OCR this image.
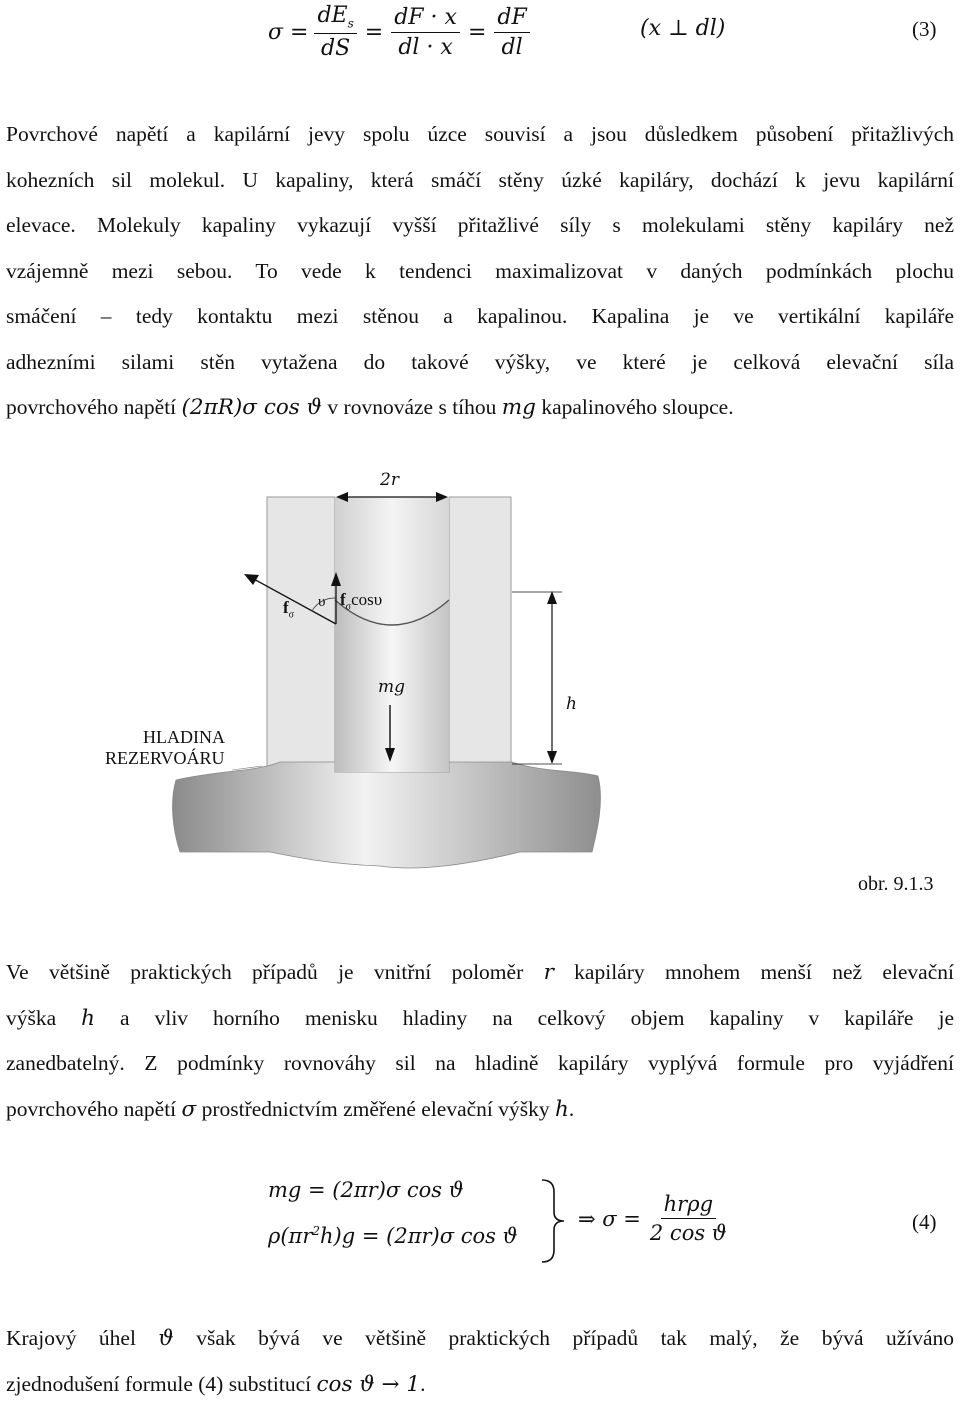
$\sigma = \frac{dE_s}{dS} = \frac{dF \cdot x}{dl \cdot x} = \frac{dF}{dl}$	(x ⊥ dl)	(3)
Povrchové napětí a kapilární jevy spolu úzce souvisí a jsou důsledkem působení přitažlivých
kohezních sil molekul. U kapaliny, která smáčí stěny úzké kapiláry, dochází k jevu kapilární
elevace. Molekuly kapaliny vykazují vyšší přitažlivé síly s molekulami stěny kapiláry než
vzájemně mezi sebou. To vede k tendenci maximalizovat v daných podmínkách plochu
smáčení – tedy kontaktu mezi stěnou a kapalinou. Kapalina je ve vertikální kapiláře
adhezními silami stěn vytažena do takové výšky, ve které je celková elevační síla
povrchového napětí (2πR)σ cos ϑ v rovnováze s tíhou mg kapalinového sloupce.
2r
$f_\sigma$
υ $f_\sigma\cos\upsilon$
mg
h
HLADINA
REZERVOÁRU
obr. 9.1.3
Ve většině praktických případů je vnitřní poloměr r kapiláry mnohem menší než elevační
výška h a vliv horního menisku hladiny na celkový objem kapaliny v kapiláře je
zanedbatelný. Z podmínky rovnováhy sil na hladině kapiláry vyplývá formule pro vyjádření
povrchového napětí σ prostřednictvím změřené elevační výšky h.
mg = (2πr)σ cos ϑ
$\rho(\pi r^2h)g = (2\pi r)\sigma$ cos ϑ
⇒ $\sigma = \frac{\text{hrρg}}{\text{2 cos ϑ}}$	(4)
Krajový úhel ϑ však bývá ve většině praktických případů tak malý, že bývá užíváno
zjednodušení formule (4) substitucí cos ϑ → 1.
